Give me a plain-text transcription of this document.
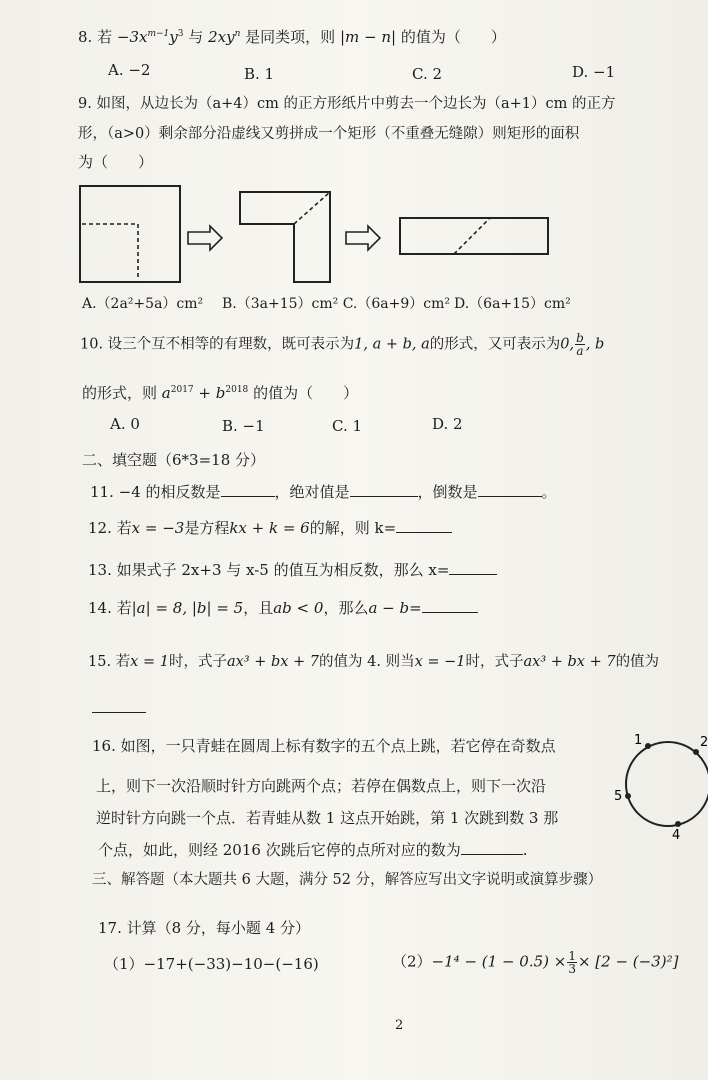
8. 若 $-3x^{m-1}y^3$ 与 $2xy^n$ 是同类项，则 |m − n| 的值为（　　）
A. −2	B. 1	C. 2	D. −1
9. 如图，从边长为（a+4）cm 的正方形纸片中剪去一个边长为（a+1）cm 的正方
形，（a>0）剩余部分沿虚线又剪拼成一个矩形（不重叠无缝隙）则矩形的面积
为（　　）
A.（2a²+5a）cm² B.（3a+15）cm² C.（6a+9）cm² D.（6a+15）cm²
10. 设三个互不相等的有理数，既可表示为1, a + b, a的形式，又可表示为0, $\frac{b}{a}$ , b
的形式，则 $a^{2017} + b^{2018}$ 的值为（　　）
A. 0	B. −1	C. 1	D. 2
二、填空题（6*3=18 分）
11. −4 的相反数是	，绝对值是	，倒数是	。
12. 若x = −3是方程kx + k = 6的解，则 k=
13. 如果式子 2x+3 与 x-5 的值互为相反数，那么 x=
14. 若|a| = 8, |b| = 5，且ab < 0，那么a − b=
15. 若x = 1时，式子ax³ + bx + 7的值为 4. 则当x = −1时，式子ax³ + bx + 7的值为
16. 如图，一只青蛙在圆周上标有数字的五个点上跳，若它停在奇数点
上，则下一次沿顺时针方向跳两个点；若停在偶数点上，则下一次沿
逆时针方向跳一个点．若青蛙从数 1 这点开始跳，第 1 次跳到数 3 那
个点，如此，则经 2016 次跳后它停的点所对应的数为	.
1	2
5
4
三、解答题（本大题共 6 大题，满分 52 分，解答应写出文字说明或演算步骤）
17. 计算（8 分，每小题 4 分）
（1）−17+(−33)−10−(−16)	$(2)-1^4 - (1 - 0.5) \times \frac{1}{3} \times [2 - (-3)^2]$
2
